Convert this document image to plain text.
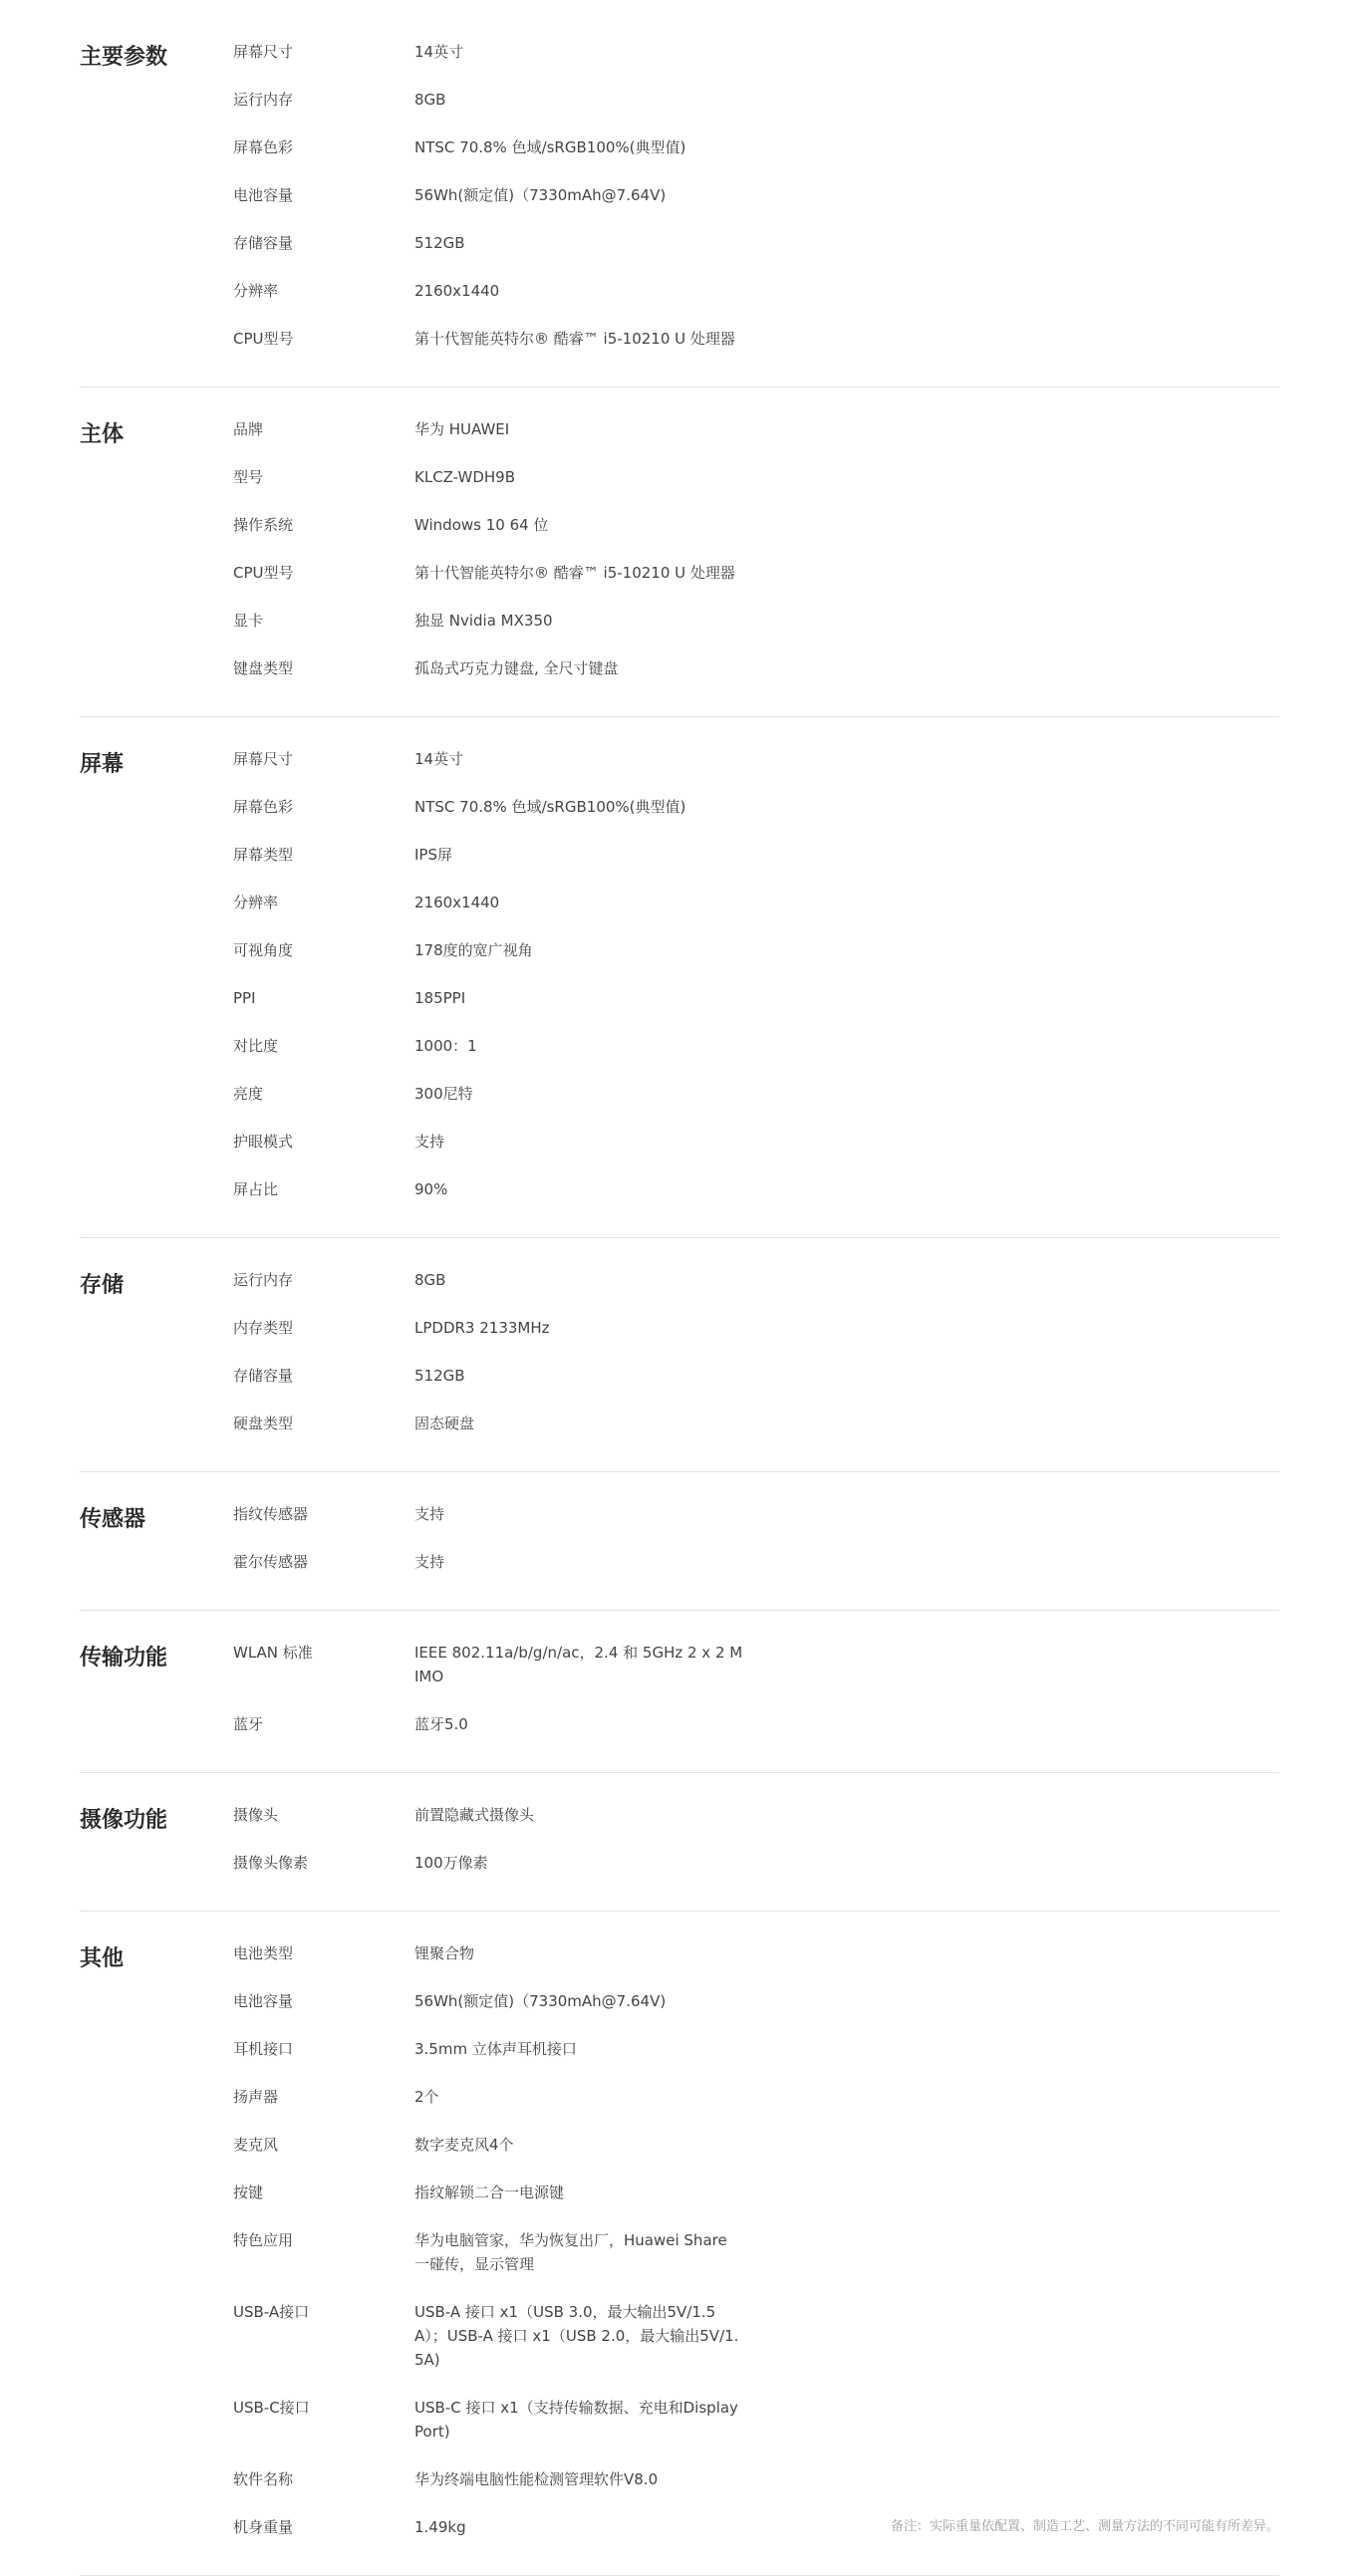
主要参数	屏幕尺寸	14英寸
运行内存	8GB
屏幕色彩	NTSC 70.8% 色域/sRGB100%(典型值)
电池容量	56Wh(额定值)（7330mAh@7.64V)
存储容量	512GB
分辨率	2160x1440
CPU型号	第十代智能英特尔® 酷睿™ i5-10210 U 处理器
主体	品牌	华为 HUAWEI
型号	KLCZ-WDH9B
操作系统	Windows 10 64 位
CPU型号	第十代智能英特尔® 酷睿™ i5-10210 U 处理器
显卡	独显 Nvidia MX350
键盘类型	孤岛式巧克力键盘, 全尺寸键盘
屏幕	屏幕尺寸	14英寸
屏幕色彩	NTSC 70.8% 色域/sRGB100%(典型值)
屏幕类型	IPS屏
分辨率	2160x1440
可视角度	178度的宽广视角
PPI	185PPI
对比度	1000：1
亮度	300尼特
护眼模式	支持
屏占比	90%
存储	运行内存	8GB
内存类型	LPDDR3 2133MHz
存储容量	512GB
硬盘类型	固态硬盘
传感器	指纹传感器	支持
霍尔传感器	支持
传输功能	WLAN 标准	IEEE 802.11a/b/g/n/ac，2.4 和 5GHz 2 x 2 MIMO
蓝牙	蓝牙5.0
摄像功能	摄像头	前置隐藏式摄像头
摄像头像素	100万像素
其他	电池类型	锂聚合物
电池容量	56Wh(额定值)（7330mAh@7.64V)
耳机接口	3.5mm 立体声耳机接口
扬声器	2个
麦克风	数字麦克风4个
按键	指纹解锁二合一电源键
特色应用	华为电脑管家，华为恢复出厂，Huawei Share 一碰传，显示管理
USB-A接口	USB-A 接口 x1（USB 3.0，最大输出5V/1.5A）；USB-A 接口 x1（USB 2.0，最大输出5V/1.5A)
USB-C接口	USB-C 接口 x1（支持传输数据、充电和DisplayPort)
软件名称	华为终端电脑性能检测管理软件V8.0
机身重量	1.49kg	备注：实际重量依配置、制造工艺、测量方法的不同可能有所差异。
